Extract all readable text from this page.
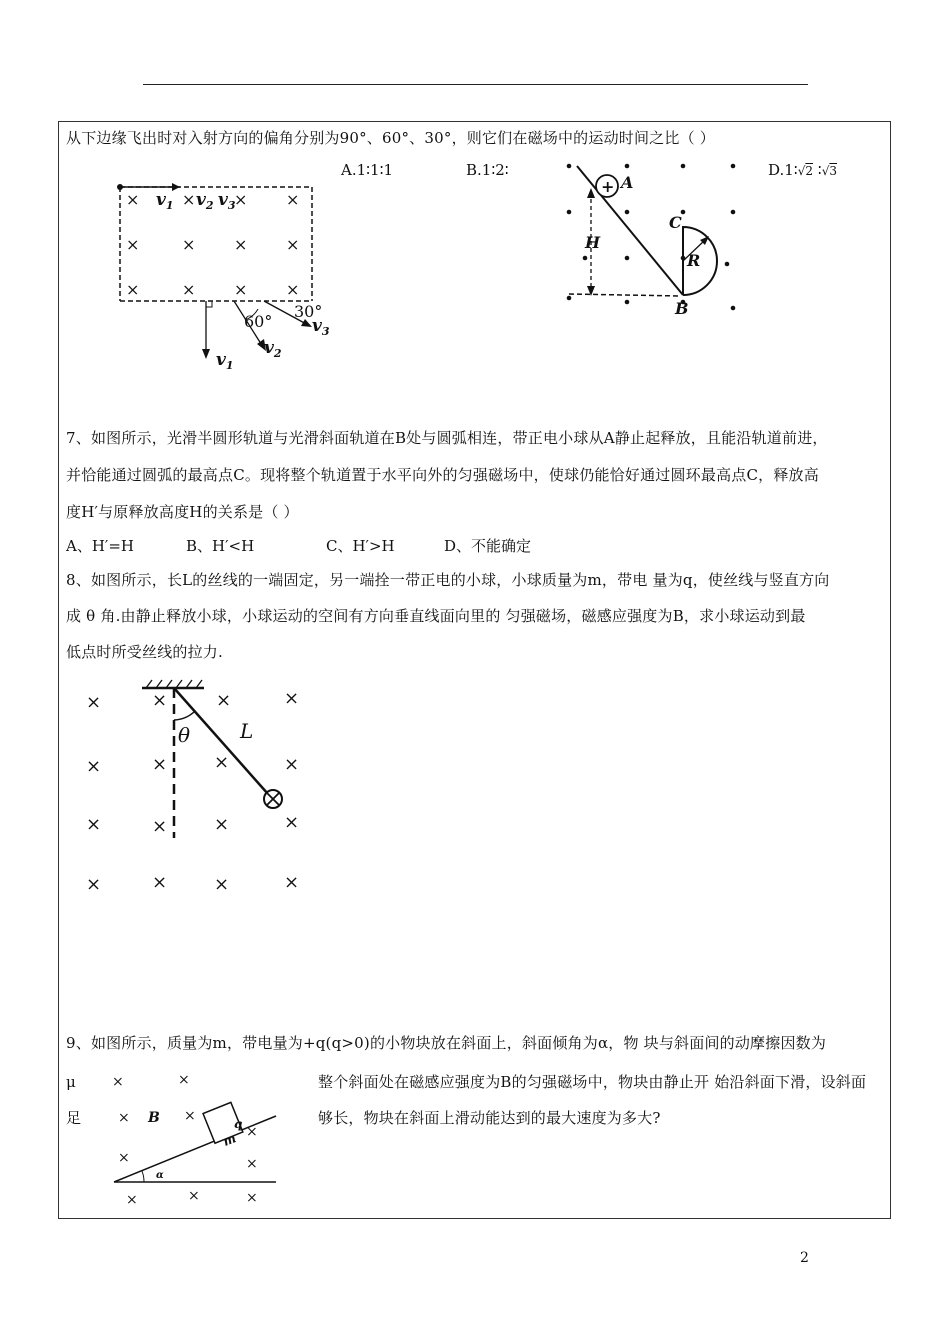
从下边缘飞出时对入射方向的偏角分别为90°、60°、30°，则它们在磁场中的运动时间之比（ ）
A.1∶1∶1	B.1∶2∶	D.1∶√2 ∶√3
×	× × ×
×	× × ×
×	× × ×
$v_1$ $v_2$ $v_3$
60°
30°
$v_1$
$v_2$
$v_3$
+ A
B
C
H
R
7、如图所示，光滑半圆形轨道与光滑斜面轨道在B处与圆弧相连，带正电小球从A静止起释放，且能沿轨道前进，
并恰能通过圆弧的最高点C。现将整个轨道置于水平向外的匀强磁场中，使球仍能恰好通过圆环最高点C，释放高
度H′与原释放高度H的关系是（ ）
A、H′=H	B、H′<H	C、H′>H	D、不能确定
8、如图所示，长L的丝线的一端固定，另一端拴一带正电的小球，小球质量为m，带电 量为q，使丝线与竖直方向
成 θ 角.由静止释放小球，小球运动的空间有方向垂直线面向里的 匀强磁场，磁感应强度为B，求小球运动到最
低点时所受丝线的拉力.
θ L
×	×	×	×
×	×	×	×
×	×	×	×
×	×	×	×
9、如图所示，质量为m，带电量为+q(q>0)的小物块放在斜面上，斜面倾角为α，物 块与斜面间的动摩擦因数为
μ	整个斜面处在磁感应强度为B的匀强磁场中，物块由静止开 始沿斜面下滑，设斜面
足	够长，物块在斜面上滑动能达到的最大速度为多大?
q
m
B
α
×	×
×	×
×
×	×
×	×	×
2
